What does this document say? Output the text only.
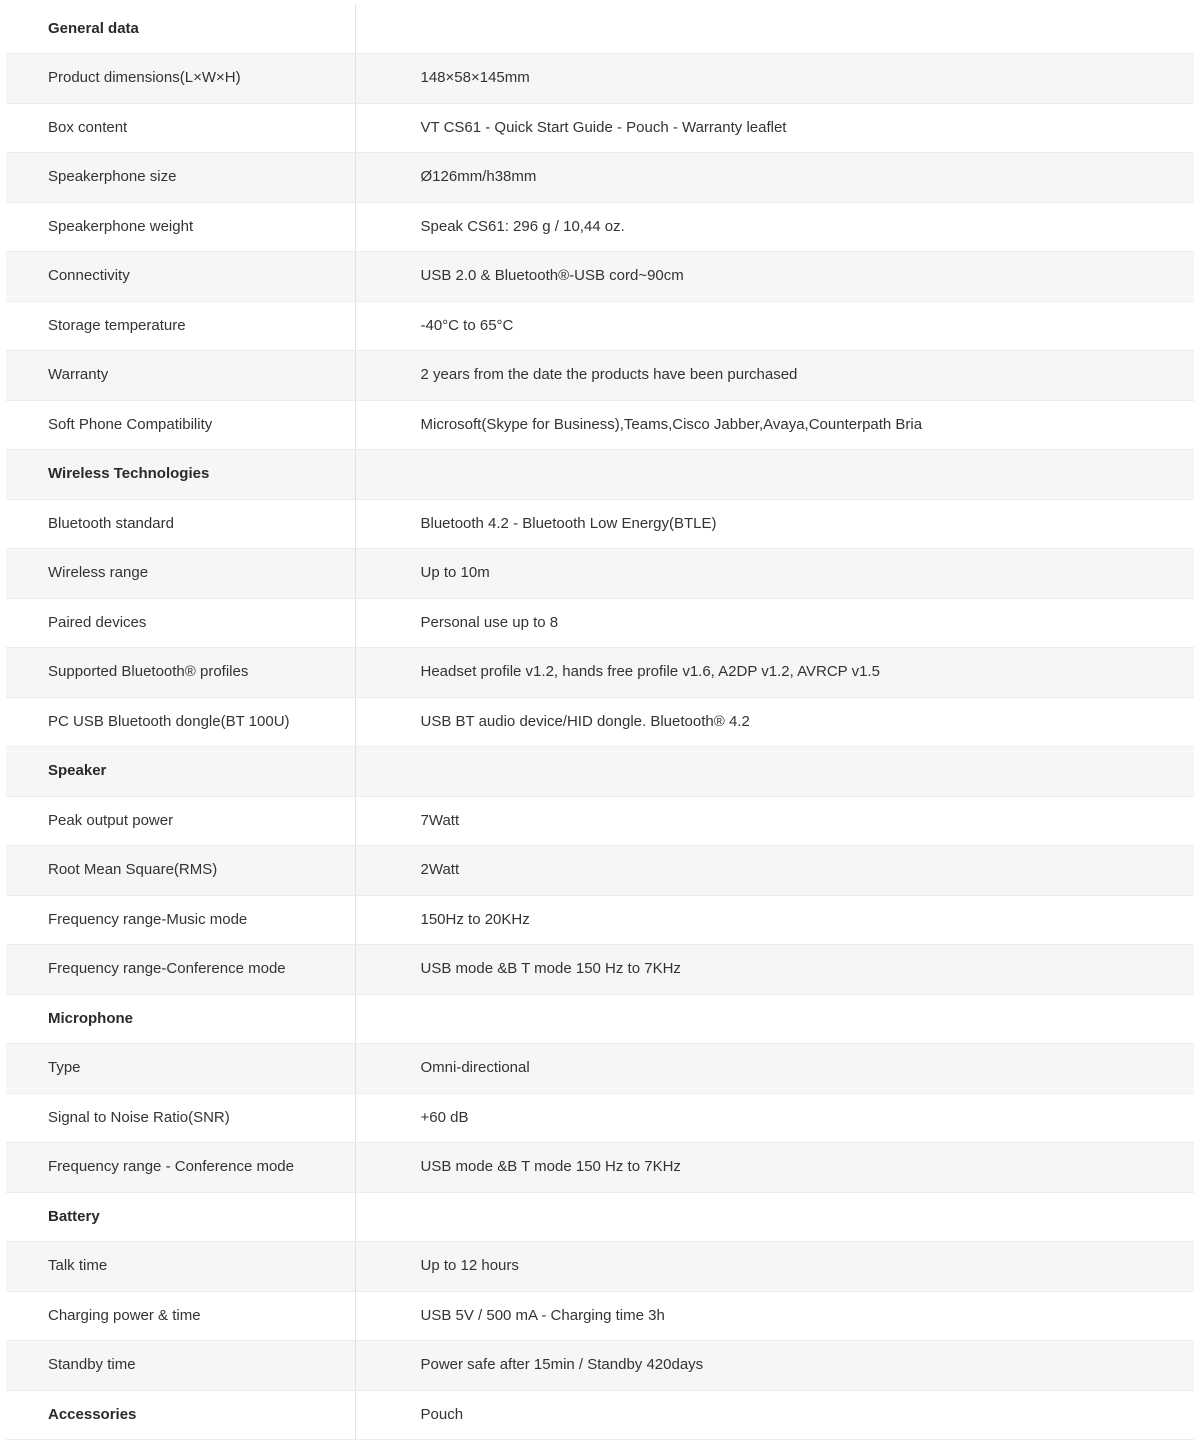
General data	
Product dimensions(L×W×H)	148×58×145mm
Box content	VT CS61 - Quick Start Guide - Pouch - Warranty leaflet
Speakerphone size	Ø126mm/h38mm
Speakerphone weight	Speak CS61: 296 g / 10,44 oz.
Connectivity	USB 2.0 & Bluetooth®-USB cord~90cm
Storage temperature	-40°C to 65°C
Warranty	2 years from the date the products have been purchased
Soft Phone Compatibility	Microsoft(Skype for Business),Teams,Cisco Jabber,Avaya,Counterpath Bria
Wireless Technologies	
Bluetooth standard	Bluetooth 4.2 - Bluetooth Low Energy(BTLE)
Wireless range	Up to 10m
Paired devices	Personal use up to 8
Supported Bluetooth® profiles	Headset profile v1.2, hands free profile v1.6, A2DP v1.2, AVRCP v1.5
PC USB Bluetooth dongle(BT 100U)	USB BT audio device/HID dongle. Bluetooth® 4.2
Speaker	
Peak output power	7Watt
Root Mean Square(RMS)	2Watt
Frequency range-Music mode	150Hz to 20KHz
Frequency range-Conference mode	USB mode &B T mode 150 Hz to 7KHz
Microphone	
Type	Omni-directional
Signal to Noise Ratio(SNR)	+60 dB
Frequency range - Conference mode	USB mode &B T mode 150 Hz to 7KHz
Battery	
Talk time	Up to 12 hours
Charging power & time	USB 5V / 500 mA - Charging time 3h
Standby time	Power safe after 15min / Standby 420days
Accessories	Pouch
